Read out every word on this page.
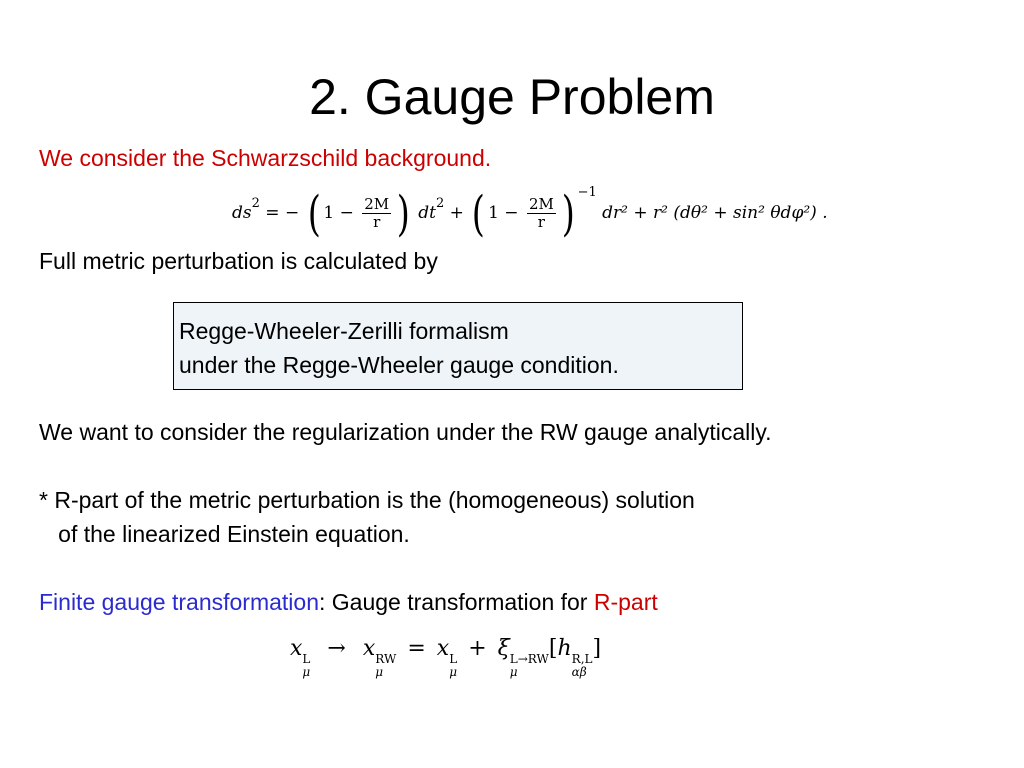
2. Gauge Problem
We consider the Schwarzschild background.
$ds^2$ = − ( $1 - \frac{2M}{r}$ ) $dt^2$ + ( $1 - \frac{2M}{r}$ ) $^{-1}$ dr² + r² (dθ² + sin² θdφ²) .
Full metric perturbation is calculated by
Regge-Wheeler-Zerilli formalism
under the Regge-Wheeler gauge condition.
We want to consider the regularization under the RW gauge analytically.
* R-part of the metric perturbation is the (homogeneous) solution
of the linearized Einstein equation.
Finite gauge transformation: Gauge transformation for R-part
x L
μ
→ x RW
μ
= x L
μ
+ ξ L→RW
μ
[h R,L
αβ
]
